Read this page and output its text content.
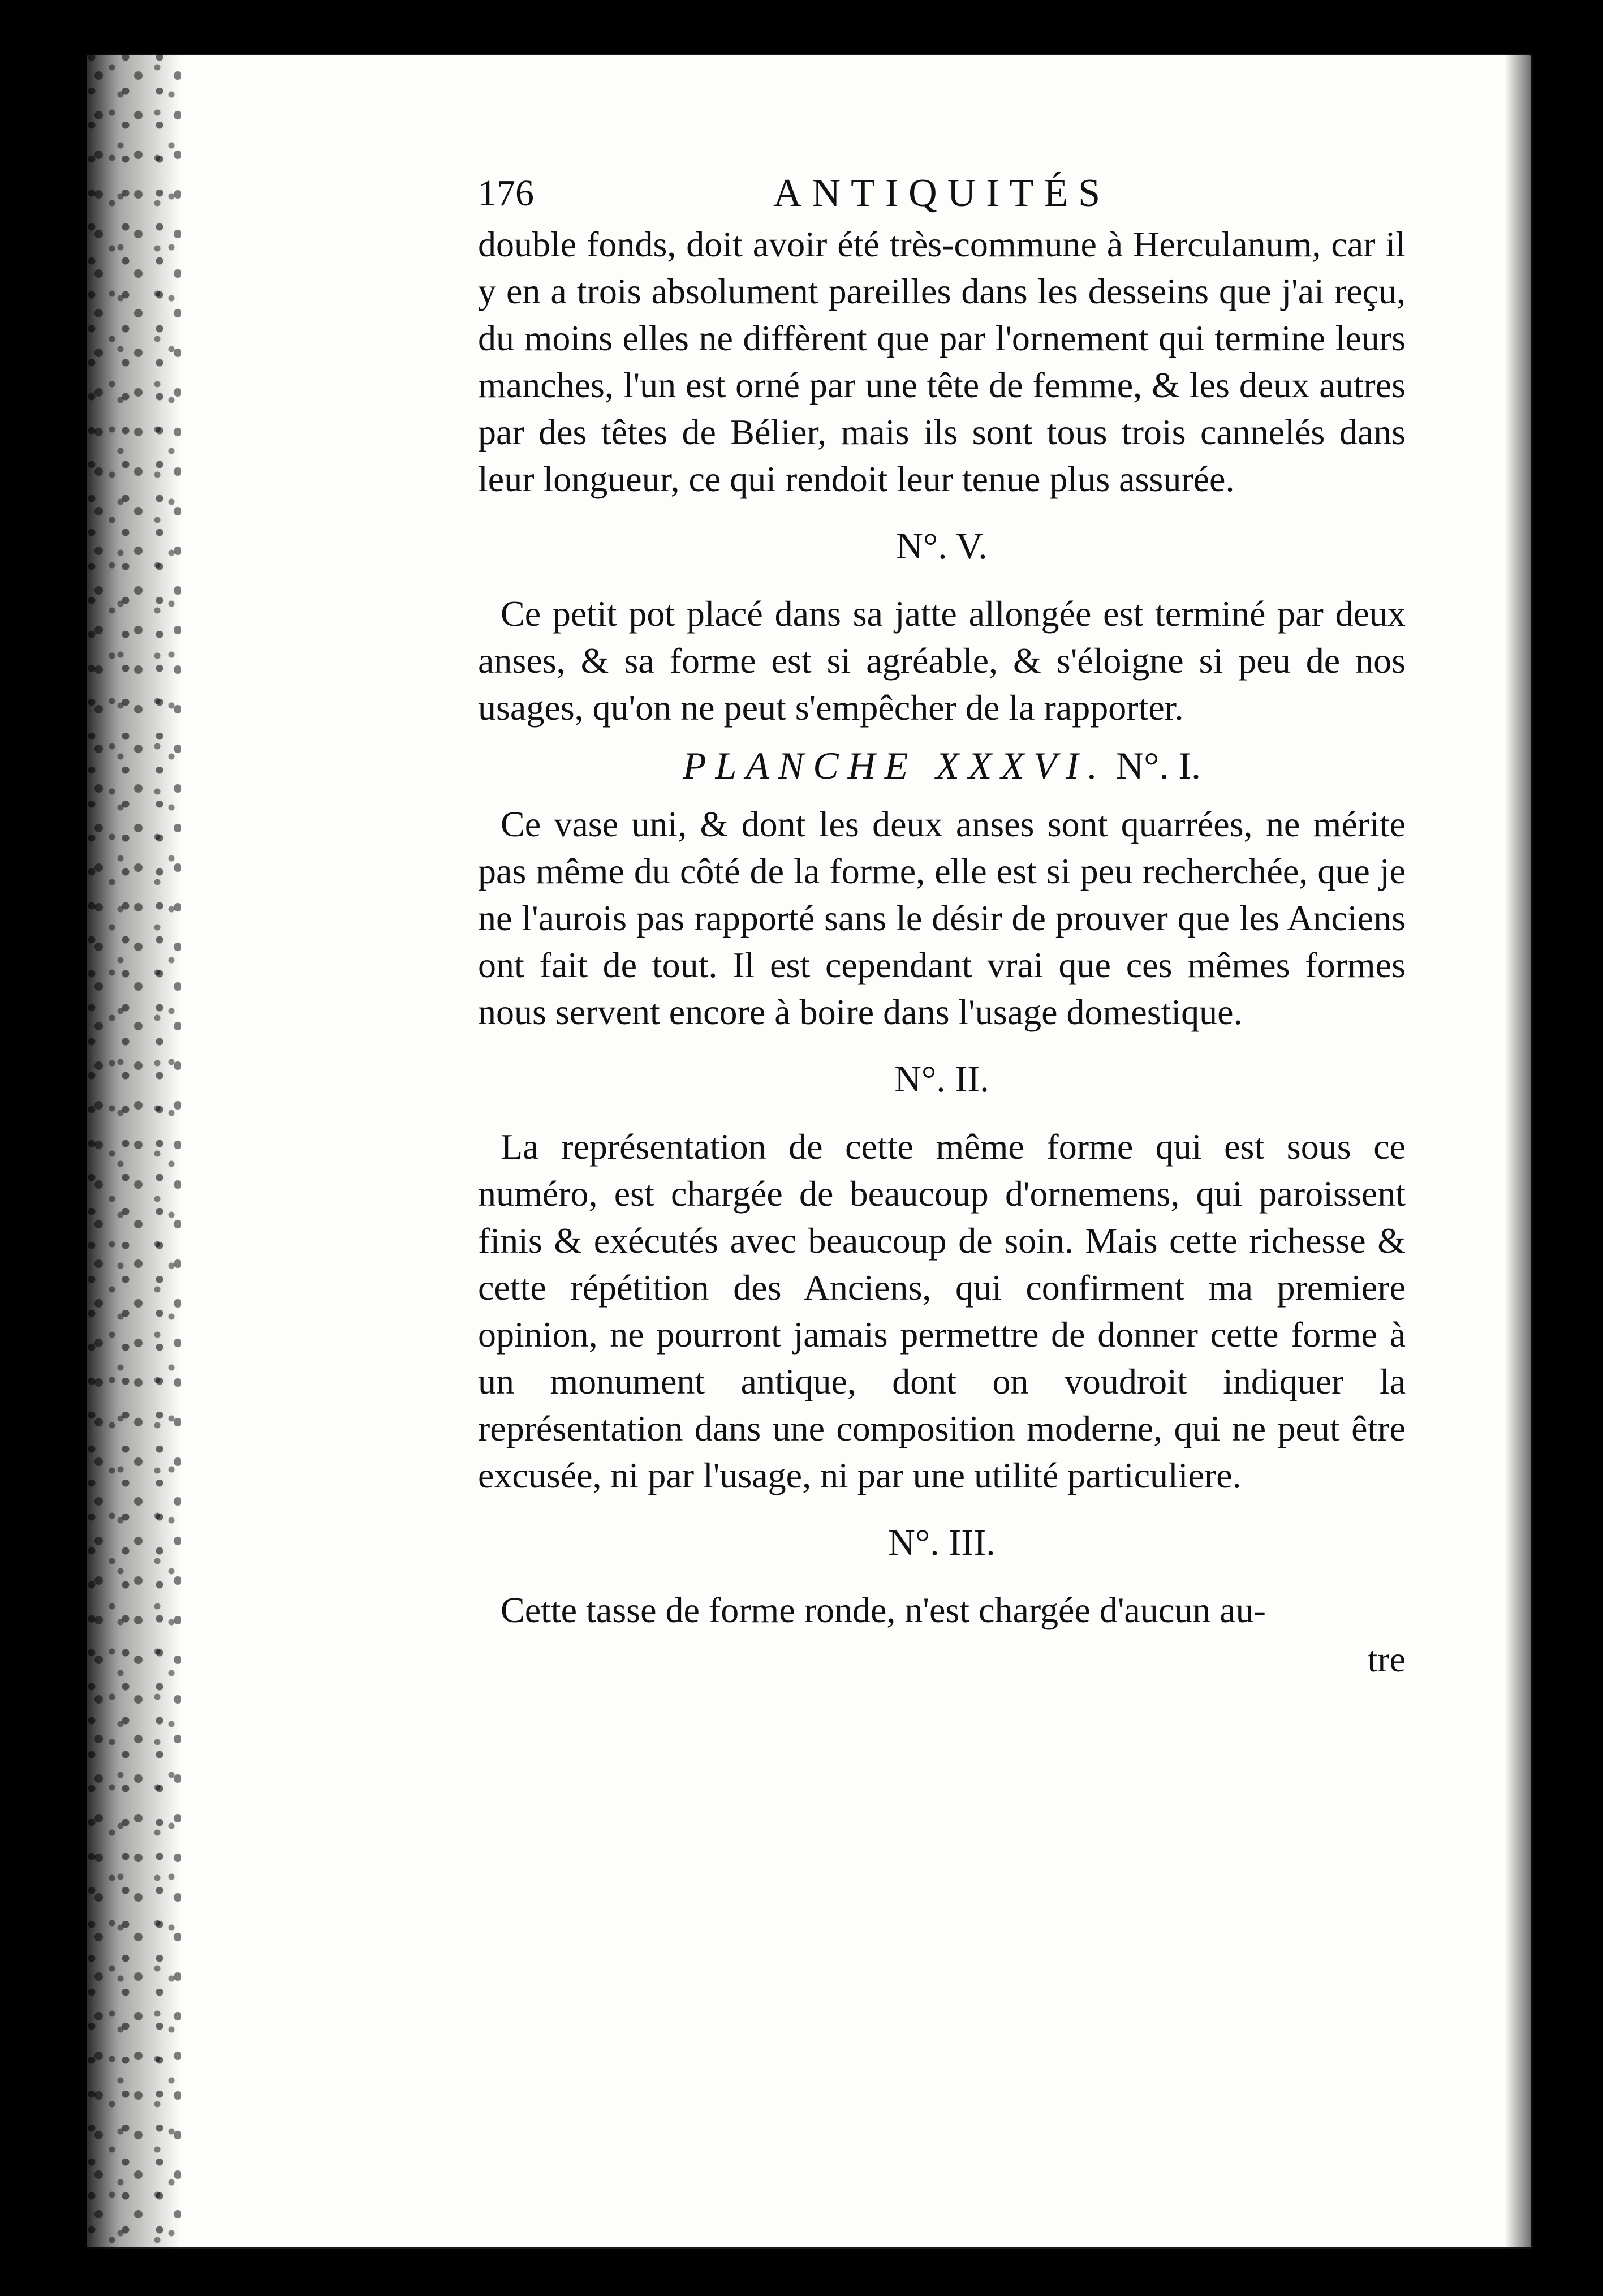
176	ANTIQUITÉS

double fonds, doit avoir été très-commune à Herculanum, car il y en a trois absolument pareilles dans les desseins que j'ai reçu, du moins elles ne diffèrent que par l'ornement qui termine leurs manches, l'un est orné par une tête de femme, & les deux autres par des têtes de Bélier, mais ils sont tous trois cannelés dans leur longueur, ce qui rendoit leur tenue plus assurée.

N°. V.

Ce petit pot placé dans sa jatte allongée est terminé par deux anses, & sa forme est si agréable, & s'éloigne si peu de nos usages, qu'on ne peut s'empêcher de la rapporter.

PLANCHE XXXVI. N°. I.

Ce vase uni, & dont les deux anses sont quarrées, ne mérite pas même du côté de la forme, elle est si peu recherchée, que je ne l'aurois pas rapporté sans le désir de prouver que les Anciens ont fait de tout. Il est cependant vrai que ces mêmes formes nous servent encore à boire dans l'usage domestique.

N°. II.

La représentation de cette même forme qui est sous ce numéro, est chargée de beaucoup d'ornemens, qui paroissent finis & exécutés avec beaucoup de soin. Mais cette richesse & cette répétition des Anciens, qui confirment ma premiere opinion, ne pourront jamais permettre de donner cette forme à un monument antique, dont on voudroit indiquer la représentation dans une composition moderne, qui ne peut être excusée, ni par l'usage, ni par une utilité particuliere.

N°. III.

Cette tasse de forme ronde, n'est chargée d'aucun au-

tre
